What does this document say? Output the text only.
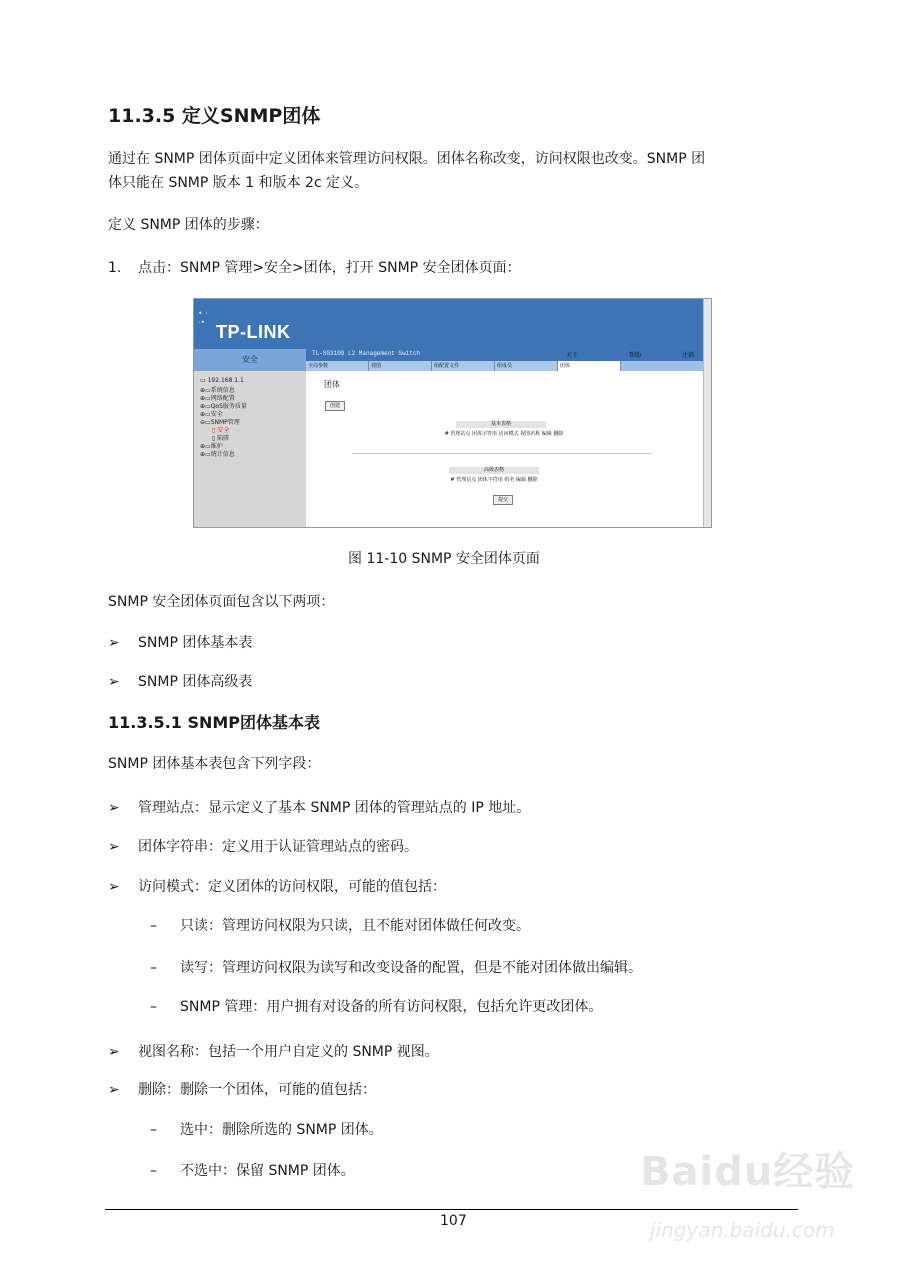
11.3.5 定义SNMP团体
通过在 SNMP 团体页面中定义团体来管理访问权限。团体名称改变，访问权限也改变。SNMP 团
体只能在 SNMP 版本 1 和版本 2c 定义。
定义 SNMP 团体的步骤：
1. 点击：SNMP 管理>安全>团体，打开 SNMP 安全团体页面：
• ·
·• TP-LINK
安全
▭ 192.168.1.1
⊕▭系统信息
⊕▭网络配置
⊕▭QoS服务质量
⊕▭安全
⊖▭SNMP管理
▯ 安全
▯ 陷阱
⊕▭维护
⊕▭统计信息
TL-SG3109 L2 Management Switch	关于	帮助	注销
全局参数	视图	组配置文件	组成员	团体
团体
创建
基本表格
# 管理站点 团体字符串 访问模式 视图名称 编辑 删除
高级表格
# 管理站点 团体字符串 组名 编辑 删除
提交
图 11-10 SNMP 安全团体页面
SNMP 安全团体页面包含以下两项：
➢ SNMP 团体基本表
➢ SNMP 团体高级表
11.3.5.1 SNMP团体基本表
SNMP 团体基本表包含下列字段：
➢ 管理站点：显示定义了基本 SNMP 团体的管理站点的 IP 地址。
➢ 团体字符串：定义用于认证管理站点的密码。
➢ 访问模式：定义团体的访问权限，可能的值包括：
– 只读：管理访问权限为只读，且不能对团体做任何改变。
– 读写：管理访问权限为读写和改变设备的配置，但是不能对团体做出编辑。
– SNMP 管理：用户拥有对设备的所有访问权限，包括允许更改团体。
➢ 视图名称：包括一个用户自定义的 SNMP 视图。
➢ 删除：删除一个团体，可能的值包括：
– 选中：删除所选的 SNMP 团体。
– 不选中：保留 SNMP 团体。	Baidu经验
jingyan.baidu.com
107
